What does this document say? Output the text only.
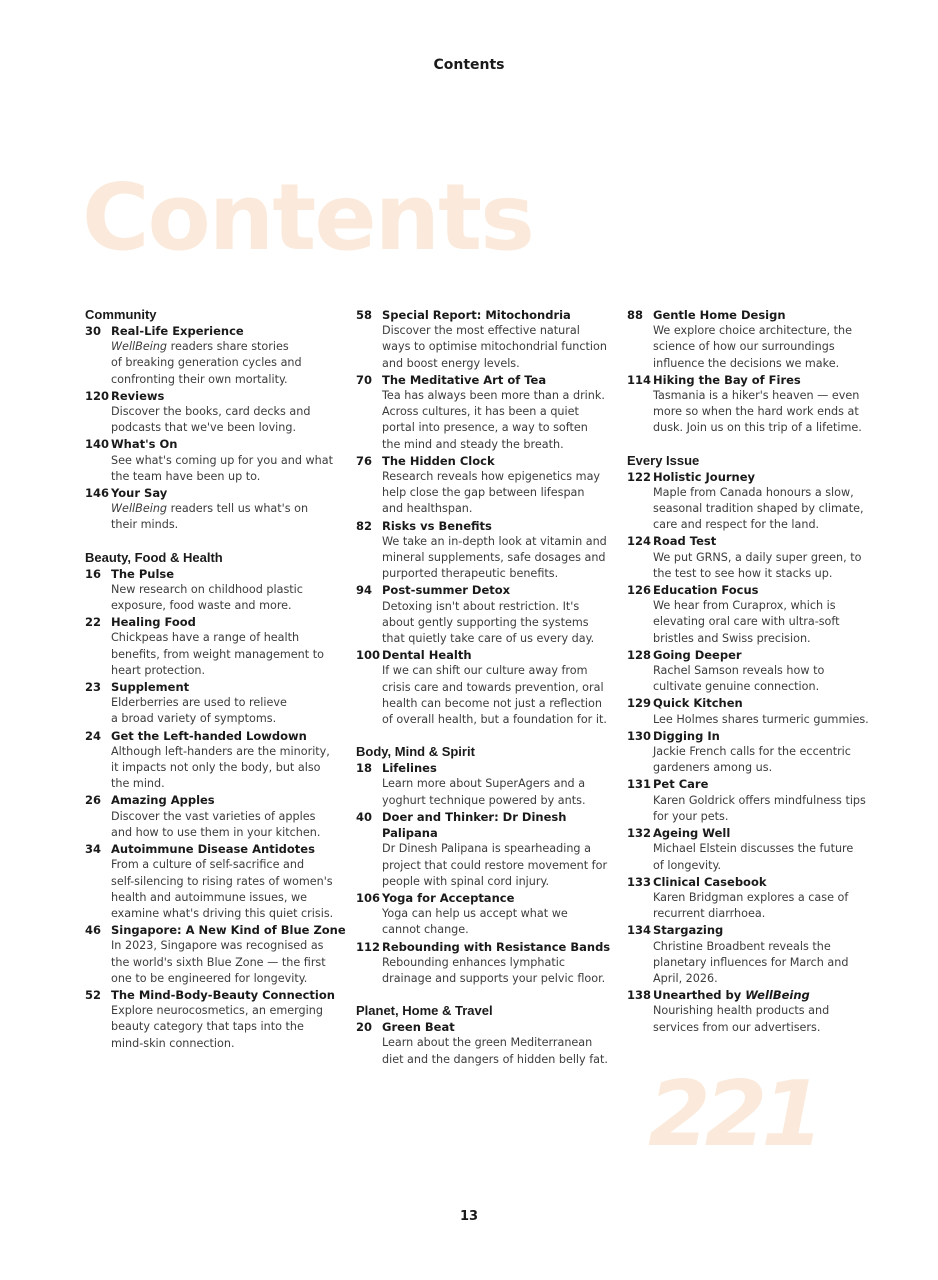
Contents
Contents
Community
30 Real-Life Experience
WellBeing readers share stories
of breaking generation cycles and
confronting their own mortality.
120 Reviews
Discover the books, card decks and
podcasts that we've been loving.
140 What's On
See what's coming up for you and what
the team have been up to.
146 Your Say
WellBeing readers tell us what's on
their minds.
Beauty, Food & Health
16 The Pulse
New research on childhood plastic
exposure, food waste and more.
22 Healing Food
Chickpeas have a range of health
benefits, from weight management to
heart protection.
23 Supplement
Elderberries are used to relieve
a broad variety of symptoms.
24 Get the Left-handed Lowdown
Although left-handers are the minority,
it impacts not only the body, but also
the mind.
26 Amazing Apples
Discover the vast varieties of apples
and how to use them in your kitchen.
34 Autoimmune Disease Antidotes
From a culture of self-sacrifice and
self-silencing to rising rates of women's
health and autoimmune issues, we
examine what's driving this quiet crisis.
46 Singapore: A New Kind of Blue Zone
In 2023, Singapore was recognised as
the world's sixth Blue Zone — the first
one to be engineered for longevity.
52 The Mind-Body-Beauty Connection
Explore neurocosmetics, an emerging
beauty category that taps into the
mind-skin connection.
58 Special Report: Mitochondria
Discover the most effective natural
ways to optimise mitochondrial function
and boost energy levels.
70 The Meditative Art of Tea
Tea has always been more than a drink.
Across cultures, it has been a quiet
portal into presence, a way to soften
the mind and steady the breath.
76 The Hidden Clock
Research reveals how epigenetics may
help close the gap between lifespan
and healthspan.
82 Risks vs Benefits
We take an in-depth look at vitamin and
mineral supplements, safe dosages and
purported therapeutic benefits.
94 Post-summer Detox
Detoxing isn't about restriction. It's
about gently supporting the systems
that quietly take care of us every day.
100 Dental Health
If we can shift our culture away from
crisis care and towards prevention, oral
health can become not just a reflection
of overall health, but a foundation for it.
Body, Mind & Spirit
18 Lifelines
Learn more about SuperAgers and a
yoghurt technique powered by ants.
40 Doer and Thinker: Dr Dinesh Palipana
Dr Dinesh Palipana is spearheading a
project that could restore movement for
people with spinal cord injury.
106 Yoga for Acceptance
Yoga can help us accept what we
cannot change.
112 Rebounding with Resistance Bands
Rebounding enhances lymphatic
drainage and supports your pelvic floor.
Planet, Home & Travel
20 Green Beat
Learn about the green Mediterranean
diet and the dangers of hidden belly fat.
88 Gentle Home Design
We explore choice architecture, the
science of how our surroundings
influence the decisions we make.
114 Hiking the Bay of Fires
Tasmania is a hiker's heaven — even
more so when the hard work ends at
dusk. Join us on this trip of a lifetime.
Every Issue
122 Holistic Journey
Maple from Canada honours a slow,
seasonal tradition shaped by climate,
care and respect for the land.
124 Road Test
We put GRNS, a daily super green, to
the test to see how it stacks up.
126 Education Focus
We hear from Curaprox, which is
elevating oral care with ultra-soft
bristles and Swiss precision.
128 Going Deeper
Rachel Samson reveals how to
cultivate genuine connection.
129 Quick Kitchen
Lee Holmes shares turmeric gummies.
130 Digging In
Jackie French calls for the eccentric
gardeners among us.
131 Pet Care
Karen Goldrick offers mindfulness tips
for your pets.
132 Ageing Well
Michael Elstein discusses the future
of longevity.
133 Clinical Casebook
Karen Bridgman explores a case of
recurrent diarrhoea.
134 Stargazing
Christine Broadbent reveals the
planetary influences for March and
April, 2026.
138 Unearthed by WellBeing
Nourishing health products and
services from our advertisers.
221
13
